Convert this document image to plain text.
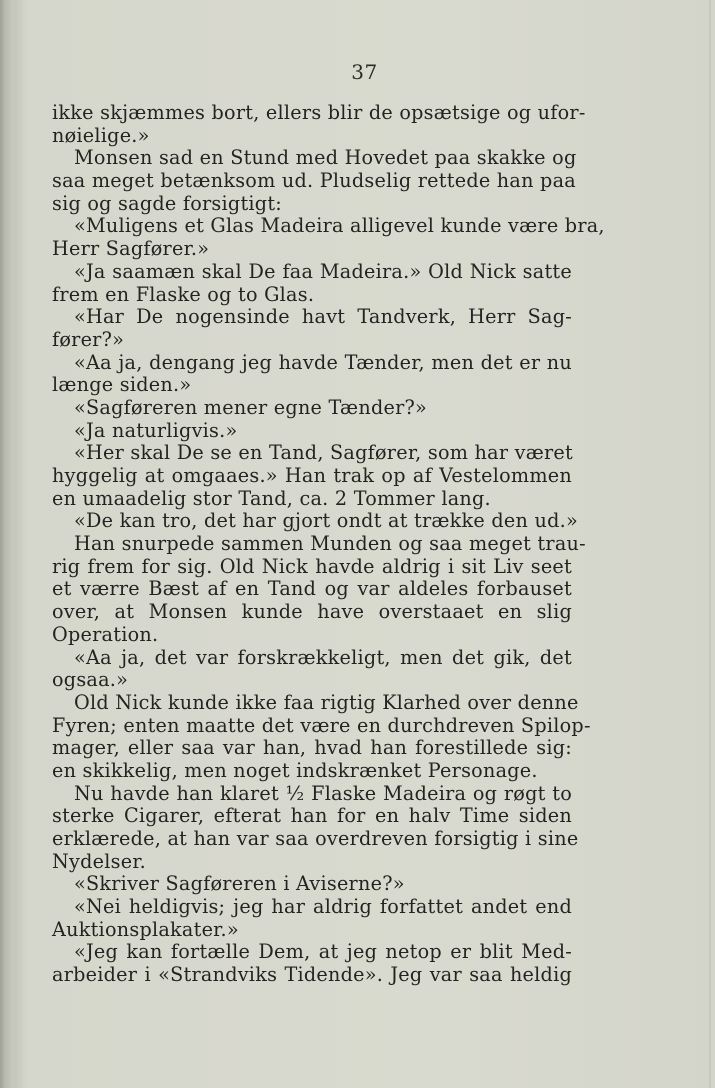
37
ikke skjæmmes bort, ellers blir de opsætsige og ufor-
nøielige.»
Monsen sad en Stund med Hovedet paa skakke og
saa meget betænksom ud. Pludselig rettede han paa
sig og sagde forsigtigt:
«Muligens et Glas Madeira alligevel kunde være bra,
Herr Sagfører.»
«Ja saamæn skal De faa Madeira.» Old Nick satte
frem en Flaske og to Glas.
«Har De nogensinde havt Tandverk, Herr Sag-
fører?»
«Aa ja, dengang jeg havde Tænder, men det er nu
længe siden.»
«Sagføreren mener egne Tænder?»
«Ja naturligvis.»
«Her skal De se en Tand, Sagfører, som har været
hyggelig at omgaaes.» Han trak op af Vestelommen
en umaadelig stor Tand, ca. 2 Tommer lang.
«De kan tro, det har gjort ondt at trække den ud.»
Han snurpede sammen Munden og saa meget trau-
rig frem for sig. Old Nick havde aldrig i sit Liv seet
et værre Bæst af en Tand og var aldeles forbauset
over, at Monsen kunde have overstaaet en slig
Operation.
«Aa ja, det var forskrækkeligt, men det gik, det
ogsaa.»
Old Nick kunde ikke faa rigtig Klarhed over denne
Fyren; enten maatte det være en durchdreven Spilop-
mager, eller saa var han, hvad han forestillede sig:
en skikkelig, men noget indskrænket Personage.
Nu havde han klaret ½ Flaske Madeira og røgt to
sterke Cigarer, efterat han for en halv Time siden
erklærede, at han var saa overdreven forsigtig i sine
Nydelser.
«Skriver Sagføreren i Aviserne?»
«Nei heldigvis; jeg har aldrig forfattet andet end
Auktionsplakater.»
«Jeg kan fortælle Dem, at jeg netop er blit Med-
arbeider i «Strandviks Tidende». Jeg var saa heldig
